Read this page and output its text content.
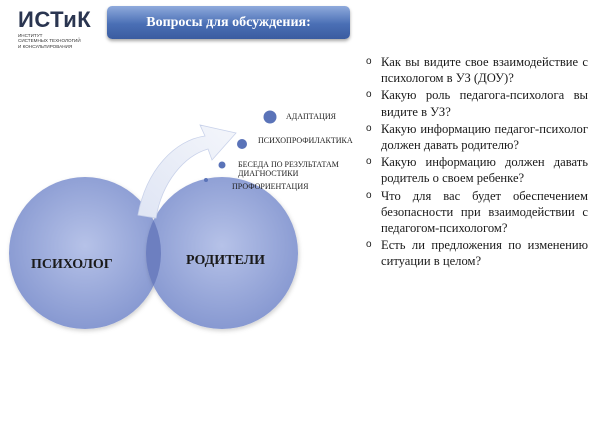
ИСТиК
ИНСТИТУТ
СИСТЕМНЫХ ТЕХНОЛОГИЙ
И КОНСУЛЬТИРОВАНИЯ
Вопросы для обсуждения:
АДАПТАЦИЯ
ПСИХОПРОФИЛАКТИКА
БЕСЕДА ПО РЕЗУЛЬТАТАМ
ДИАГНОСТИКИ
ПРОФОРИЕНТАЦИЯ
ПСИХОЛОГ	РОДИТЕЛИ
o Как вы видите свое взаимодействие с психологом в УЗ (ДОУ)?
o Какую роль педагога-психолога вы видите в УЗ?
o Какую информацию педагог-психолог должен давать родителю?
o Какую информацию должен давать родитель о своем ребенке?
o Что для вас будет обеспечением безопасности при взаимодействии с педагогом-психологом?
o Есть ли предложения по изменению ситуации в целом?
